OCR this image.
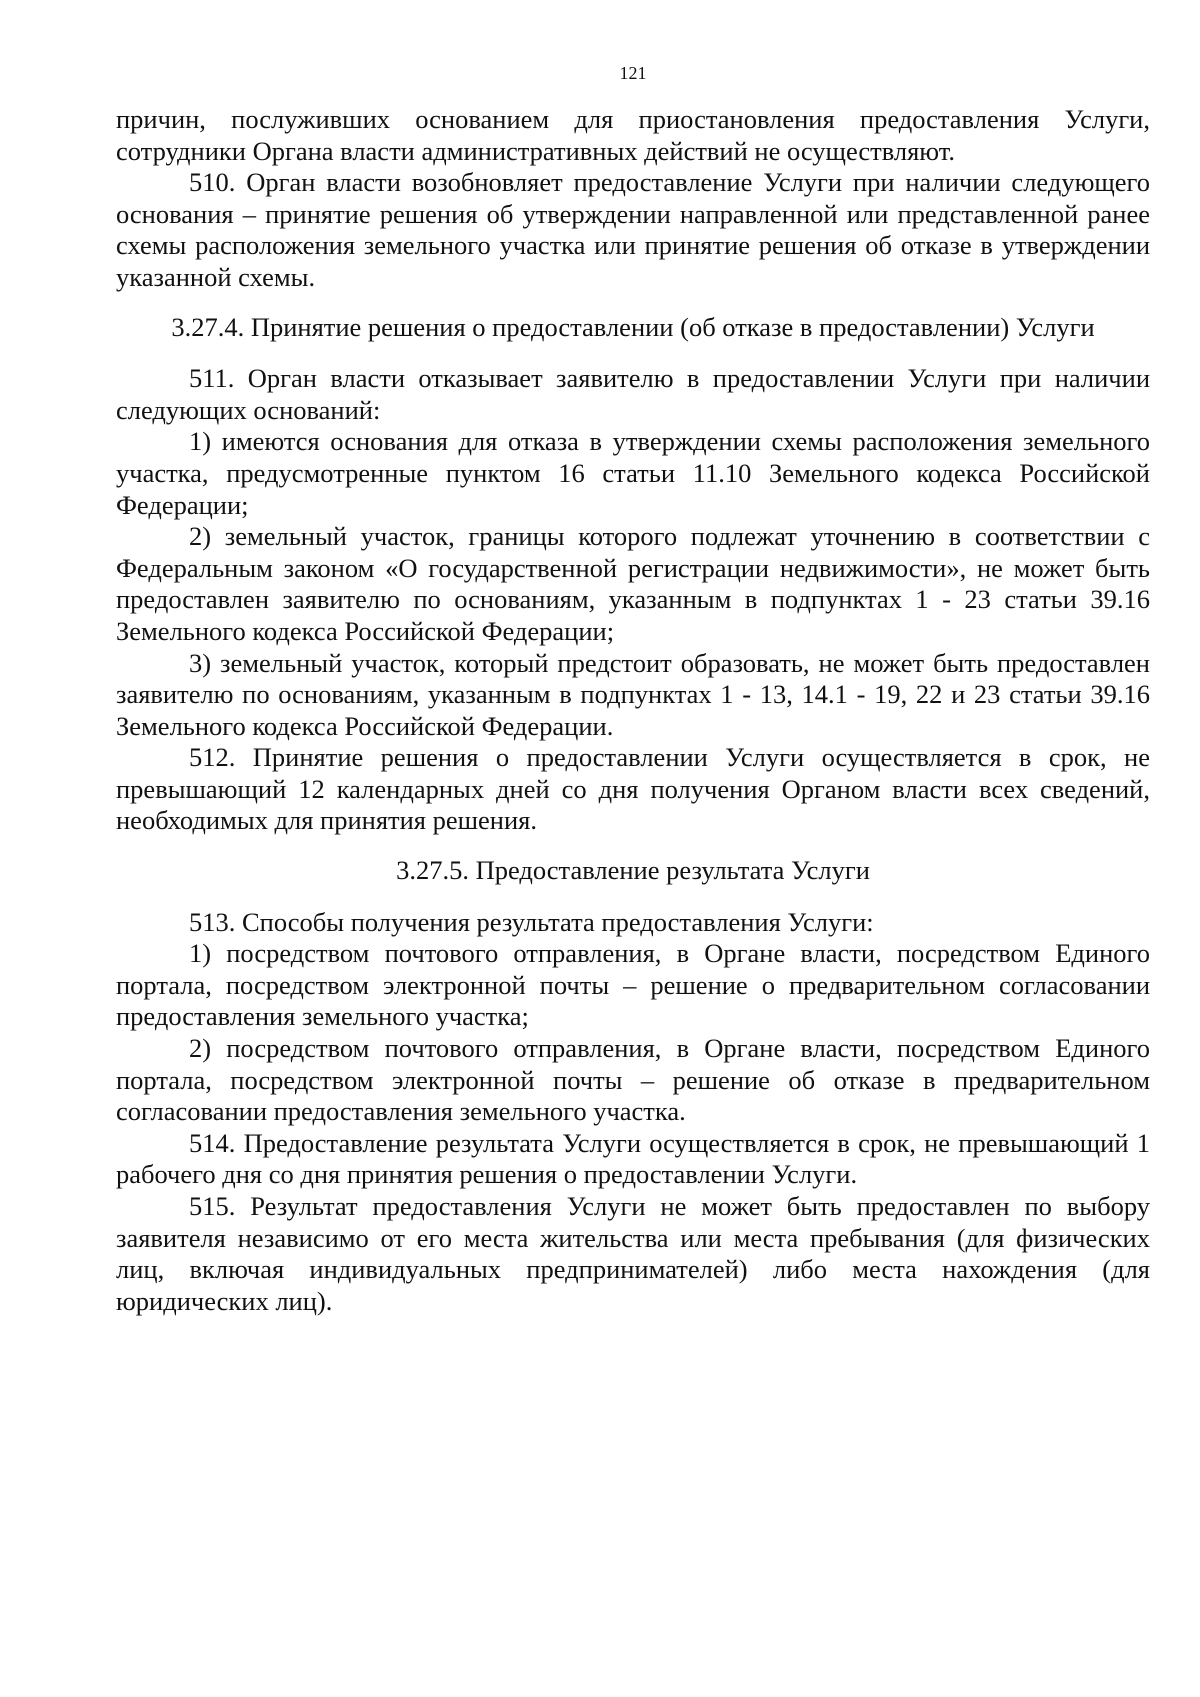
121

причин, послуживших основанием для приостановления предоставления Услуги, сотрудники Органа власти административных действий не осуществляют.

510. Орган власти возобновляет предоставление Услуги при наличии следующего основания – принятие решения об утверждении направленной или представленной ранее схемы расположения земельного участка или принятие решения об отказе в утверждении указанной схемы.

3.27.4. Принятие решения о предоставлении (об отказе в предоставлении) Услуги

511. Орган власти отказывает заявителю в предоставлении Услуги при наличии следующих оснований:

1) имеются основания для отказа в утверждении схемы расположения земельного участка, предусмотренные пунктом 16 статьи 11.10 Земельного кодекса Российской Федерации;

2) земельный участок, границы которого подлежат уточнению в соответствии с Федеральным законом «О государственной регистрации недвижимости», не может быть предоставлен заявителю по основаниям, указанным в подпунктах 1 - 23 статьи 39.16 Земельного кодекса Российской Федерации;

3) земельный участок, который предстоит образовать, не может быть предоставлен заявителю по основаниям, указанным в подпунктах 1 - 13, 14.1 - 19, 22 и 23 статьи 39.16 Земельного кодекса Российской Федерации.

512. Принятие решения о предоставлении Услуги осуществляется в срок, не превышающий 12 календарных дней со дня получения Органом власти всех сведений, необходимых для принятия решения.

3.27.5. Предоставление результата Услуги

513. Способы получения результата предоставления Услуги:

1) посредством почтового отправления, в Органе власти, посредством Единого портала, посредством электронной почты – решение о предварительном согласовании предоставления земельного участка;

2) посредством почтового отправления, в Органе власти, посредством Единого портала, посредством электронной почты – решение об отказе в предварительном согласовании предоставления земельного участка.

514. Предоставление результата Услуги осуществляется в срок, не превышающий 1 рабочего дня со дня принятия решения о предоставлении Услуги.

515. Результат предоставления Услуги не может быть предоставлен по выбору заявителя независимо от его места жительства или места пребывания (для физических лиц, включая индивидуальных предпринимателей) либо места нахождения (для юридических лиц).
